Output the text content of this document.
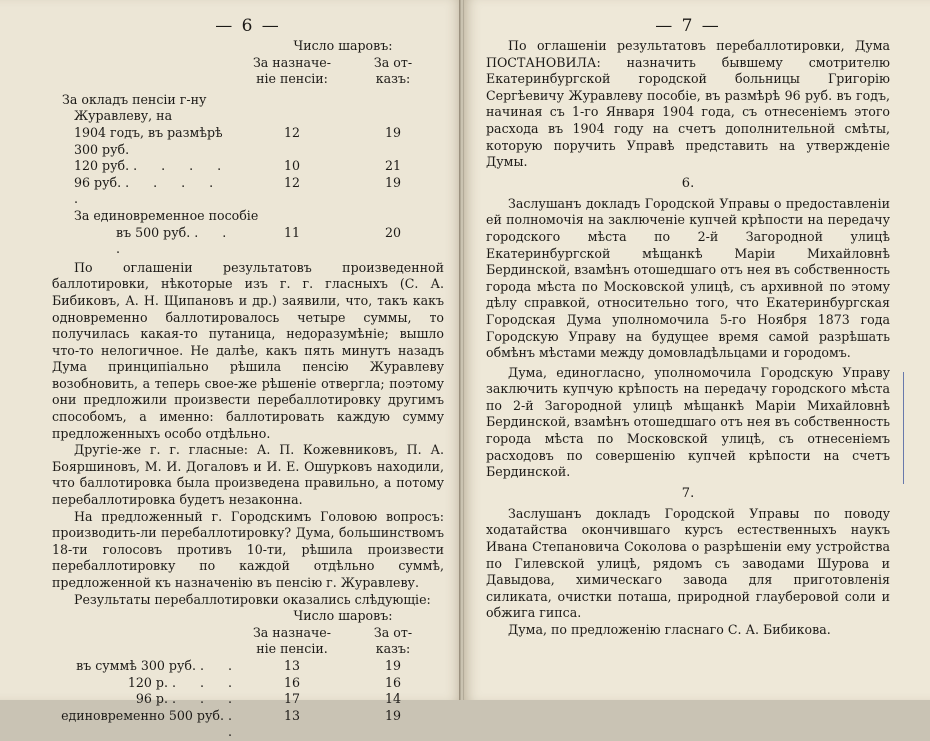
— 6 —
	Число шаровъ:	
	За назначе-	За от-
	ніе пенсіи:	казъ:
За окладъ пенсіи г-ну		
Журавлеву, на		
1904 годъ, въ размѣрѣ 300 руб.	12	19
120 руб. . . . .	10	21
96 руб. . . . . .	12	19
За единовременное пособіе		
въ 500 руб. . . .	11	20

По оглашеніи результатовъ произведенной баллотировки, нѣкоторые изъ г. г. гласныхъ (С. А. Бибиковъ, А. Н. Щипановъ и др.) заявили, что, такъ какъ одновременно баллотировалось четыре суммы, то получилась какая-то путаница, недоразумѣніе; вышло что-то нелогичное. Не далѣе, какъ пять минутъ назадъ Дума принципіально рѣшила пенсію Журавлеву возобновить, а теперь свое-же рѣшеніе отвергла; поэтому они предложили произвести перебаллотировку другимъ способомъ, а именно: баллотировать каждую сумму предложенныхъ особо отдѣльно.

Другіе-же г. г. гласные: А. П. Кожевниковъ, П. А. Бояршиновъ, М. И. Догаловъ и И. Е. Ошурковъ находили, что баллотировка была произведена правильно, а потому перебаллотировка будетъ незаконна.

На предложенный г. Городскимъ Головою вопросъ: производить-ли перебаллотировку? Дума, большинствомъ 18-ти голосовъ противъ 10-ти, рѣшила произвести перебаллотировку по каждой отдѣльно суммѣ, предложенной къ назначенію въ пенсію г. Журавлеву.

Результаты перебаллотировки оказались слѣдующіе:

	Число шаровъ:	
	За назначе-	За от-
	ніе пенсіи.	казъ:
въ суммѣ 300 руб. . .	13	19
120 р. . . .	16	16
96 р. . . .	17	14
единовременно 500 руб. . .	13	19
— 7 —

По оглашеніи результатовъ перебаллотировки, Дума ПОСТАНОВИЛА: назначить бывшему смотрителю Екатеринбургской городской больницы Григорію Сергѣевичу Журавлеву пособіе, въ размѣрѣ 96 руб. въ годъ, начиная съ 1-го Января 1904 года, съ отнесеніемъ этого расхода въ 1904 году на счетъ дополнительной смѣты, которую поручить Управѣ представить на утвержденіе Думы.

6.

Заслушанъ докладъ Городской Управы о предоставленіи ей полномочія на заключеніе купчей крѣпости на передачу городского мѣста по 2-й Загородной улицѣ Екатеринбургской мѣщанкѣ Маріи Михайловнѣ Бердинской, взамѣнъ отошедшаго отъ нея въ собственность города мѣста по Московской улицѣ, съ архивной по этому дѣлу справкой, относительно того, что Екатеринбургская Городская Дума уполномочила 5-го Ноября 1873 года Городскую Управу на будущее время самой разрѣшать обмѣнъ мѣстами между домовладѣльцами и городомъ.

Дума, единогласно, уполномочила Городскую Управу заключить купчую крѣпость на передачу городского мѣста по 2-й Загородной улицѣ мѣщанкѣ Маріи Михайловнѣ Бердинской, взамѣнъ отошедшаго отъ нея въ собственность города мѣста по Московской улицѣ, съ отнесеніемъ расходовъ по совершенію купчей крѣпости на счетъ Бердинской.

7.

Заслушанъ докладъ Городской Управы по поводу ходатайства окончившаго курсъ естественныхъ наукъ Ивана Степановича Соколова о разрѣшеніи ему устройства по Гилевской улицѣ, рядомъ съ заводами Шурова и Давыдова, химическаго завода для приготовленія силиката, очистки поташа, природной глауберовой соли и обжига гипса.

Дума, по предложенію гласнаго С. А. Бибикова.
